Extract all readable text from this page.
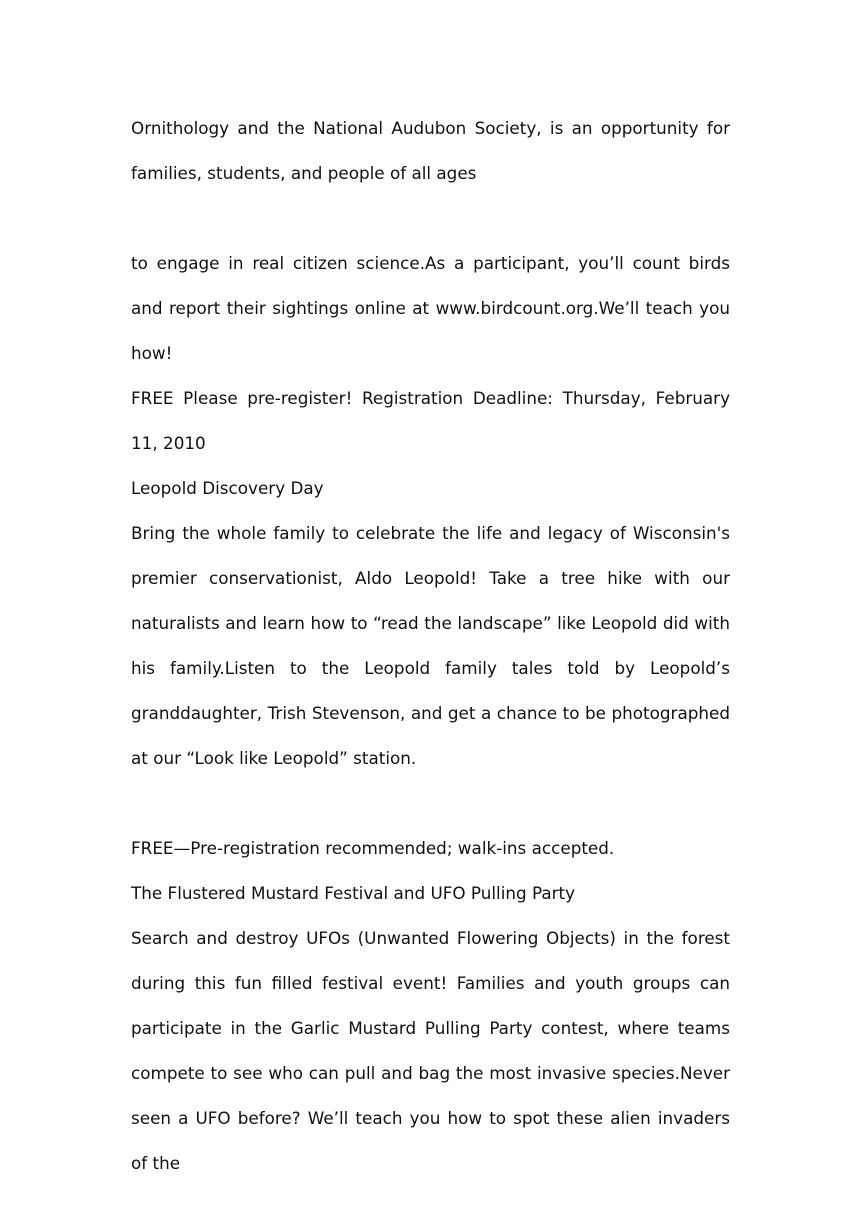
Ornithology and the National Audubon Society, is an opportunity for families, students, and people of all ages

to engage in real citizen science.As a participant, you’ll count birds and report their sightings online at www.birdcount.org.We’ll teach you how!

FREE Please pre-register! Registration Deadline: Thursday, February 11, 2010

Leopold Discovery Day

Bring the whole family to celebrate the life and legacy of Wisconsin's premier conservationist, Aldo Leopold! Take a tree hike with our naturalists and learn how to “read the landscape” like Leopold did with his family.Listen to the Leopold family tales told by Leopold’s granddaughter, Trish Stevenson, and get a chance to be photographed at our “Look like Leopold” station.

FREE—Pre-registration recommended; walk-ins accepted.

The Flustered Mustard Festival and UFO Pulling Party

Search and destroy UFOs (Unwanted Flowering Objects) in the forest during this fun filled festival event! Families and youth groups can participate in the Garlic Mustard Pulling Party contest, where teams compete to see who can pull and bag the most invasive species.Never seen a UFO before? We’ll teach you how to spot these alien invaders of the
